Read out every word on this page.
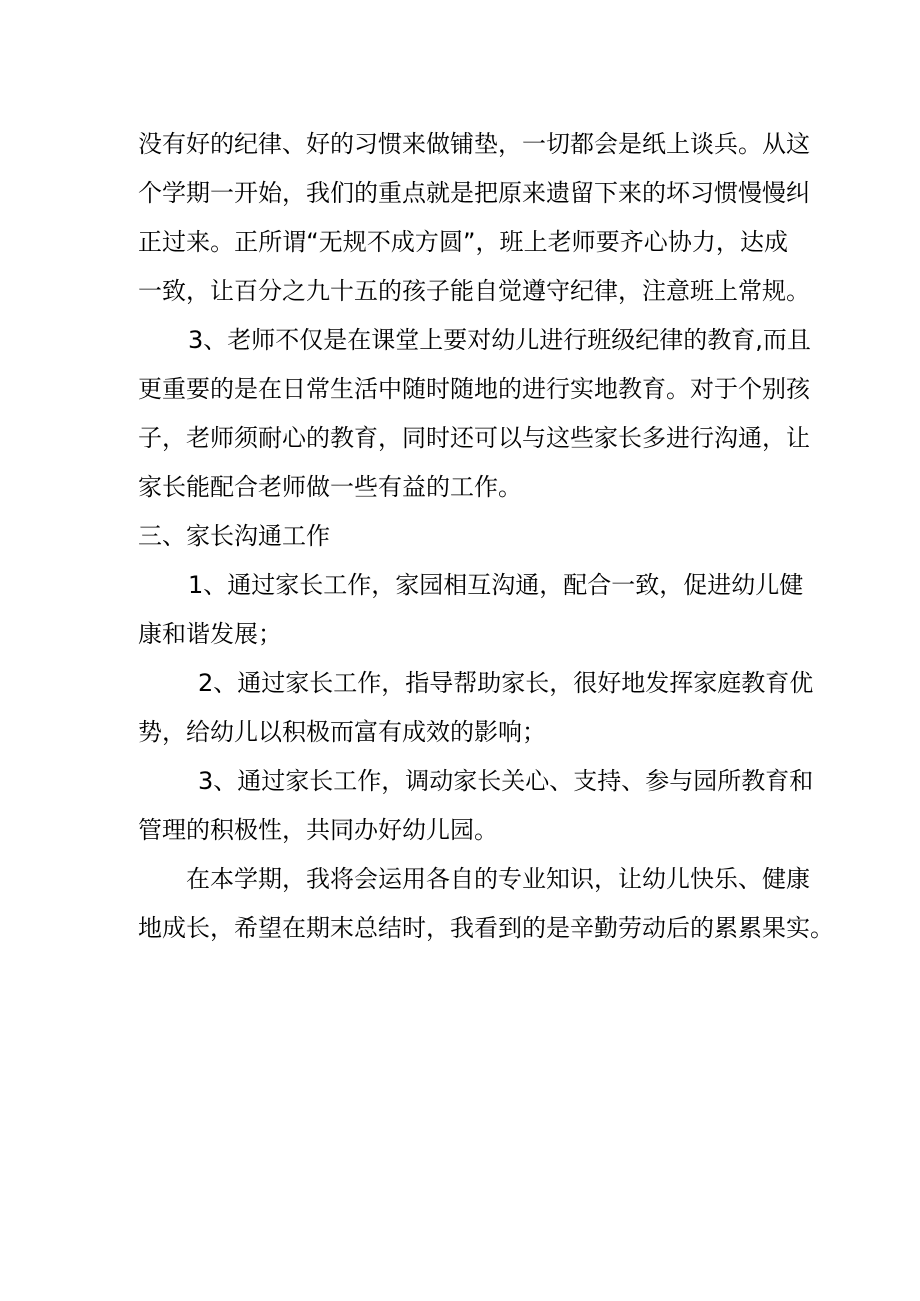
没有好的纪律、好的习惯来做铺垫，一切都会是纸上谈兵。从这
个学期一开始，我们的重点就是把原来遗留下来的坏习惯慢慢纠
正过来。正所谓“无规不成方圆”，班上老师要齐心协力，达成
一致，让百分之九十五的孩子能自觉遵守纪律，注意班上常规。
3、老师不仅是在课堂上要对幼儿进行班级纪律的教育,而且
更重要的是在日常生活中随时随地的进行实地教育。对于个别孩
子，老师须耐心的教育，同时还可以与这些家长多进行沟通，让
家长能配合老师做一些有益的工作。
三、家长沟通工作
1、通过家长工作，家园相互沟通，配合一致，促进幼儿健
康和谐发展；
2、通过家长工作，指导帮助家长，很好地发挥家庭教育优
势，给幼儿以积极而富有成效的影响；
3、通过家长工作，调动家长关心、支持、参与园所教育和
管理的积极性，共同办好幼儿园。
在本学期，我将会运用各自的专业知识，让幼儿快乐、健康
地成长，希望在期末总结时，我看到的是辛勤劳动后的累累果实。
